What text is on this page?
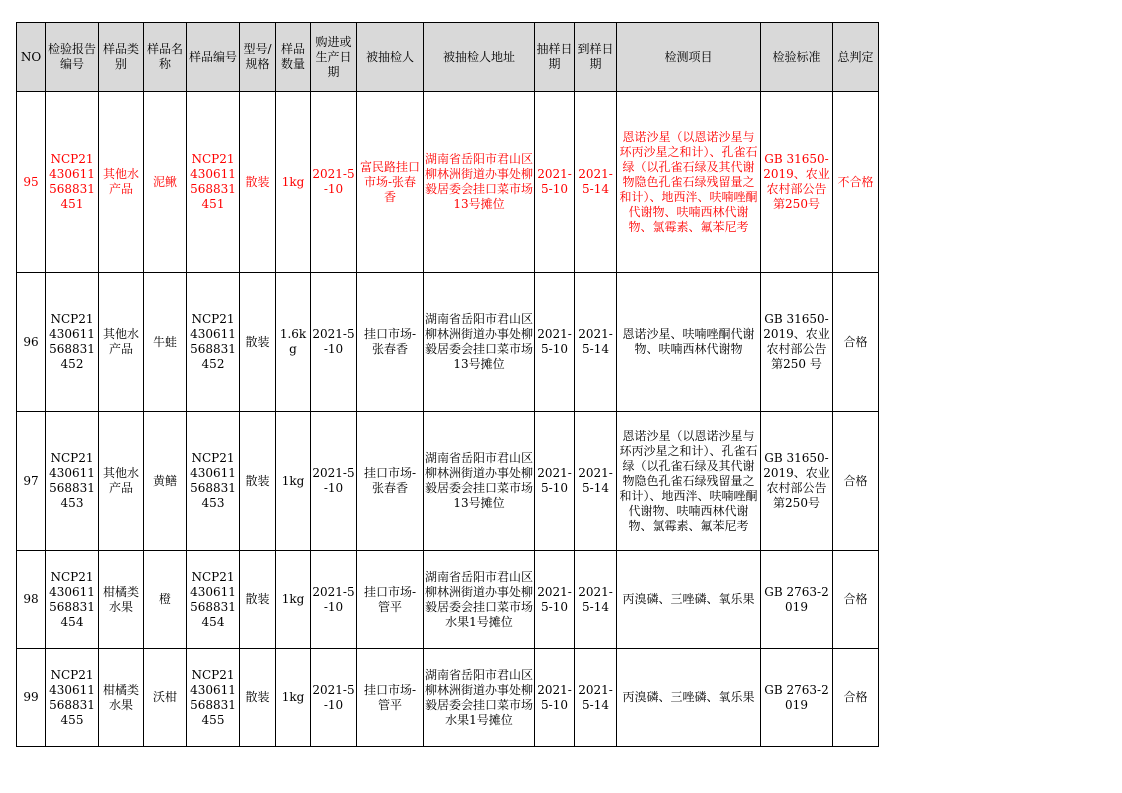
NO	检验报告编号	样品类别	样品名称	样品编号	型号/规格	样品数量	购进或生产日期	被抽检人	被抽检人地址	抽样日期	到样日期	检测项目	检验标准	总判定
95	NCP21430611568831451	其他水产品	泥鳅	NCP21430611568831451	散装	1kg	2021-5-10	富民路挂口市场-张春香	湖南省岳阳市君山区柳林洲街道办事处柳毅居委会挂口菜市场13号摊位	2021-5-10	2021-5-14	恩诺沙星（以恩诺沙星与环丙沙星之和计）、孔雀石绿（以孔雀石绿及其代谢物隐色孔雀石绿残留量之和计）、地西泮、呋喃唑酮代谢物、呋喃西林代谢物、氯霉素、氟苯尼考	GB 31650-2019、农业农村部公告第250号	不合格
96	NCP21430611568831452	其他水产品	牛蛙	NCP21430611568831452	散装	1.6kg	2021-5-10	挂口市场-张春香	湖南省岳阳市君山区柳林洲街道办事处柳毅居委会挂口菜市场13号摊位	2021-5-10	2021-5-14	恩诺沙星、呋喃唑酮代谢物、呋喃西林代谢物	GB 31650-2019、农业农村部公告第250 号	合格
97	NCP21430611568831453	其他水产品	黄鳝	NCP21430611568831453	散装	1kg	2021-5-10	挂口市场-张春香	湖南省岳阳市君山区柳林洲街道办事处柳毅居委会挂口菜市场13号摊位	2021-5-10	2021-5-14	恩诺沙星（以恩诺沙星与环丙沙星之和计）、孔雀石绿（以孔雀石绿及其代谢物隐色孔雀石绿残留量之和计）、地西泮、呋喃唑酮代谢物、呋喃西林代谢物、氯霉素、氟苯尼考	GB 31650-2019、农业农村部公告第250号	合格
98	NCP21430611568831454	柑橘类水果	橙	NCP21430611568831454	散装	1kg	2021-5-10	挂口市场-管平	湖南省岳阳市君山区柳林洲街道办事处柳毅居委会挂口菜市场水果1号摊位	2021-5-10	2021-5-14	丙溴磷、三唑磷、氧乐果	GB 2763-2019	合格
99	NCP21430611568831455	柑橘类水果	沃柑	NCP21430611568831455	散装	1kg	2021-5-10	挂口市场-管平	湖南省岳阳市君山区柳林洲街道办事处柳毅居委会挂口菜市场水果1号摊位	2021-5-10	2021-5-14	丙溴磷、三唑磷、氧乐果	GB 2763-2019	合格
